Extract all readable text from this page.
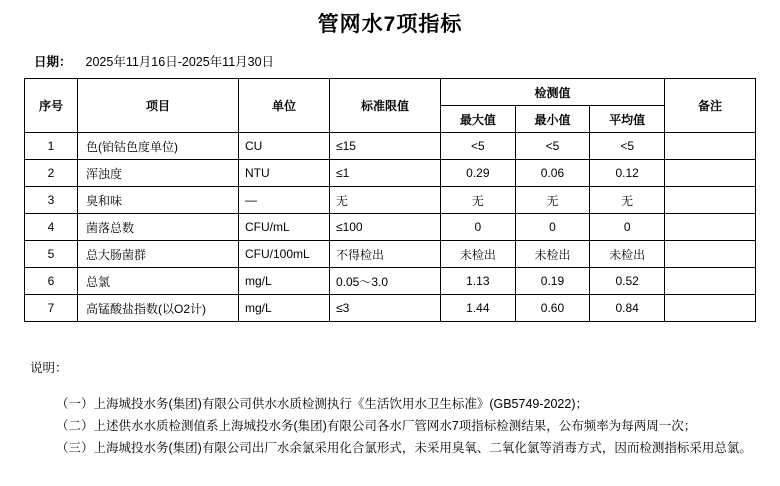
管网水7项指标
日期： 2025年11月16日-2025年11月30日
序号	项目	单位	标准限值	检测值			备注
				最大值	最小值	平均值	
1	色(铂钴色度单位)	CU	≤15	<5	<5	<5	
2	浑浊度	NTU	≤1	0.29	0.06	0.12	
3	臭和味	—	无	无	无	无	
4	菌落总数	CFU/mL	≤100	0	0	0	
5	总大肠菌群	CFU/100mL	不得检出	未检出	未检出	未检出	
6	总氯	mg/L	0.05～3.0	1.13	0.19	0.52	
7	高锰酸盐指数(以O2计)	mg/L	≤3	1.44	0.60	0.84	

说明：

（一）上海城投水务(集团)有限公司供水水质检测执行《生活饮用水卫生标准》(GB5749-2022)；

（二）上述供水水质检测值系上海城投水务(集团)有限公司各水厂管网水7项指标检测结果，公布频率为每两周一次；

（三）上海城投水务(集团)有限公司出厂水余氯采用化合氯形式，未采用臭氧、二氧化氯等消毒方式，因而检测指标采用总氯。
